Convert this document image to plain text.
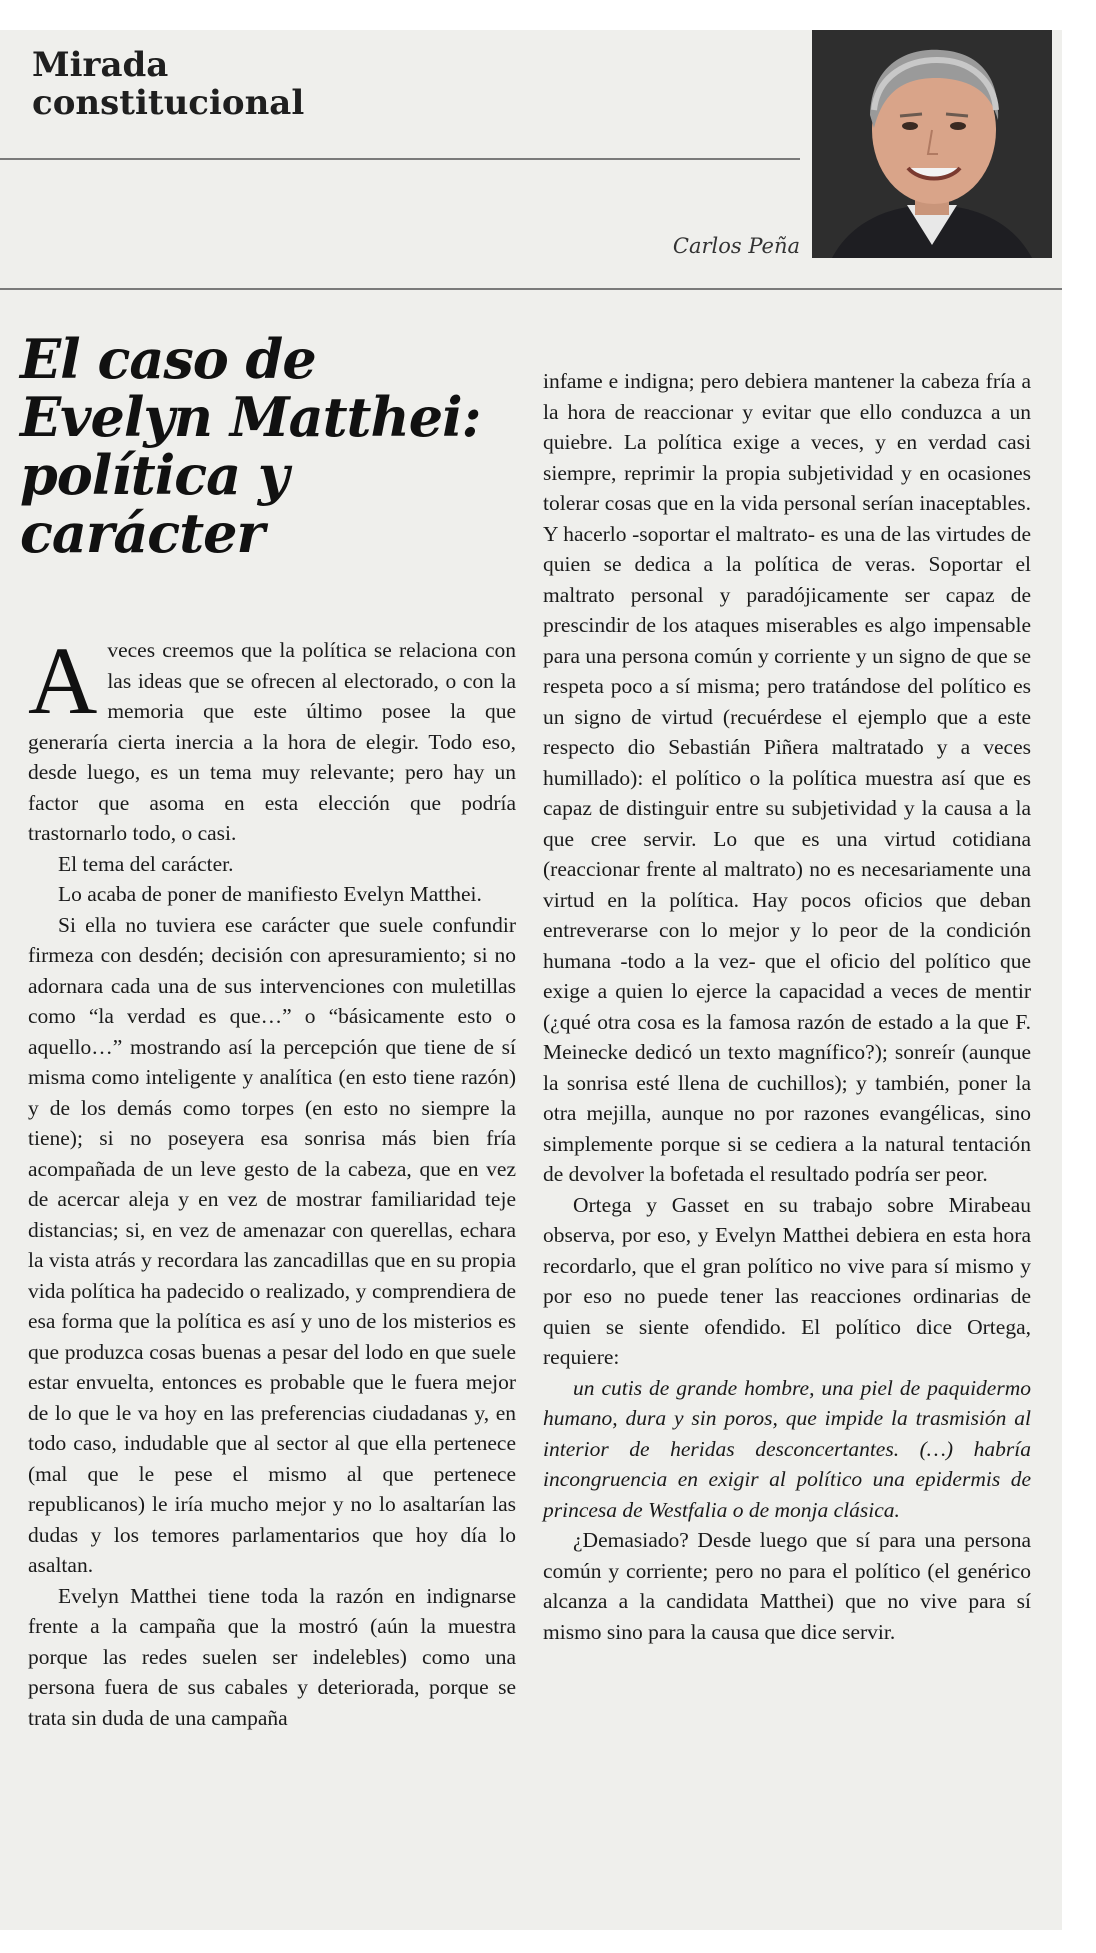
Mirada
constitucional

Carlos Peña

El caso de Evelyn Matthei: política y carácter

A veces creemos que la política se relaciona con las ideas que se ofrecen al electorado, o con la memoria que este último posee la que generaría cierta inercia a la hora de elegir. Todo eso, desde luego, es un tema muy relevante; pero hay un factor que asoma en esta elección que podría trastornarlo todo, o casi.

El tema del carácter.

Lo acaba de poner de manifiesto Evelyn Matthei.

Si ella no tuviera ese carácter que suele confundir firmeza con desdén; decisión con apresuramiento; si no adornara cada una de sus intervenciones con muletillas como “la verdad es que…” o “básicamente esto o aquello…” mostrando así la percepción que tiene de sí misma como inteligente y analítica (en esto tiene razón) y de los demás como torpes (en esto no siempre la tiene); si no poseyera esa sonrisa más bien fría acompañada de un leve gesto de la cabeza, que en vez de acercar aleja y en vez de mostrar familiaridad teje distancias; si, en vez de amenazar con querellas, echara la vista atrás y recordara las zancadillas que en su propia vida política ha padecido o realizado, y comprendiera de esa forma que la política es así y uno de los misterios es que produzca cosas buenas a pesar del lodo en que suele estar envuelta, entonces es probable que le fuera mejor de lo que le va hoy en las preferencias ciudadanas y, en todo caso, indudable que al sector al que ella pertenece (mal que le pese el mismo al que pertenece republicanos) le iría mucho mejor y no lo asaltarían las dudas y los temores parlamentarios que hoy día lo asaltan.

Evelyn Matthei tiene toda la razón en indignarse frente a la campaña que la mostró (aún la muestra porque las redes suelen ser indelebles) como una persona fuera de sus cabales y deteriorada, porque se trata sin duda de una campaña

infame e indigna; pero debiera mantener la cabeza fría a la hora de reaccionar y evitar que ello conduzca a un quiebre. La política exige a veces, y en verdad casi siempre, reprimir la propia subjetividad y en ocasiones tolerar cosas que en la vida personal serían inaceptables. Y hacerlo -soportar el maltrato- es una de las virtudes de quien se dedica a la política de veras. Soportar el maltrato personal y paradójicamente ser capaz de prescindir de los ataques miserables es algo impensable para una persona común y corriente y un signo de que se respeta poco a sí misma; pero tratándose del político es un signo de virtud (recuérdese el ejemplo que a este respecto dio Sebastián Piñera maltratado y a veces humillado): el político o la política muestra así que es capaz de distinguir entre su subjetividad y la causa a la que cree servir. Lo que es una virtud cotidiana (reaccionar frente al maltrato) no es necesariamente una virtud en la política. Hay pocos oficios que deban entreverarse con lo mejor y lo peor de la condición humana -todo a la vez- que el oficio del político que exige a quien lo ejerce la capacidad a veces de mentir (¿qué otra cosa es la famosa razón de estado a la que F. Meinecke dedicó un texto magnífico?); sonreír (aunque la sonrisa esté llena de cuchillos); y también, poner la otra mejilla, aunque no por razones evangélicas, sino simplemente porque si se cediera a la natural tentación de devolver la bofetada el resultado podría ser peor.

Ortega y Gasset en su trabajo sobre Mirabeau observa, por eso, y Evelyn Matthei debiera en esta hora recordarlo, que el gran político no vive para sí mismo y por eso no puede tener las reacciones ordinarias de quien se siente ofendido. El político dice Ortega, requiere:

un cutis de grande hombre, una piel de paquidermo humano, dura y sin poros, que impide la trasmisión al interior de heridas desconcertantes. (…) habría incongruencia en exigir al político una epidermis de princesa de Westfalia o de monja clásica.

¿Demasiado? Desde luego que sí para una persona común y corriente; pero no para el político (el genérico alcanza a la candidata Matthei) que no vive para sí mismo sino para la causa que dice servir.
